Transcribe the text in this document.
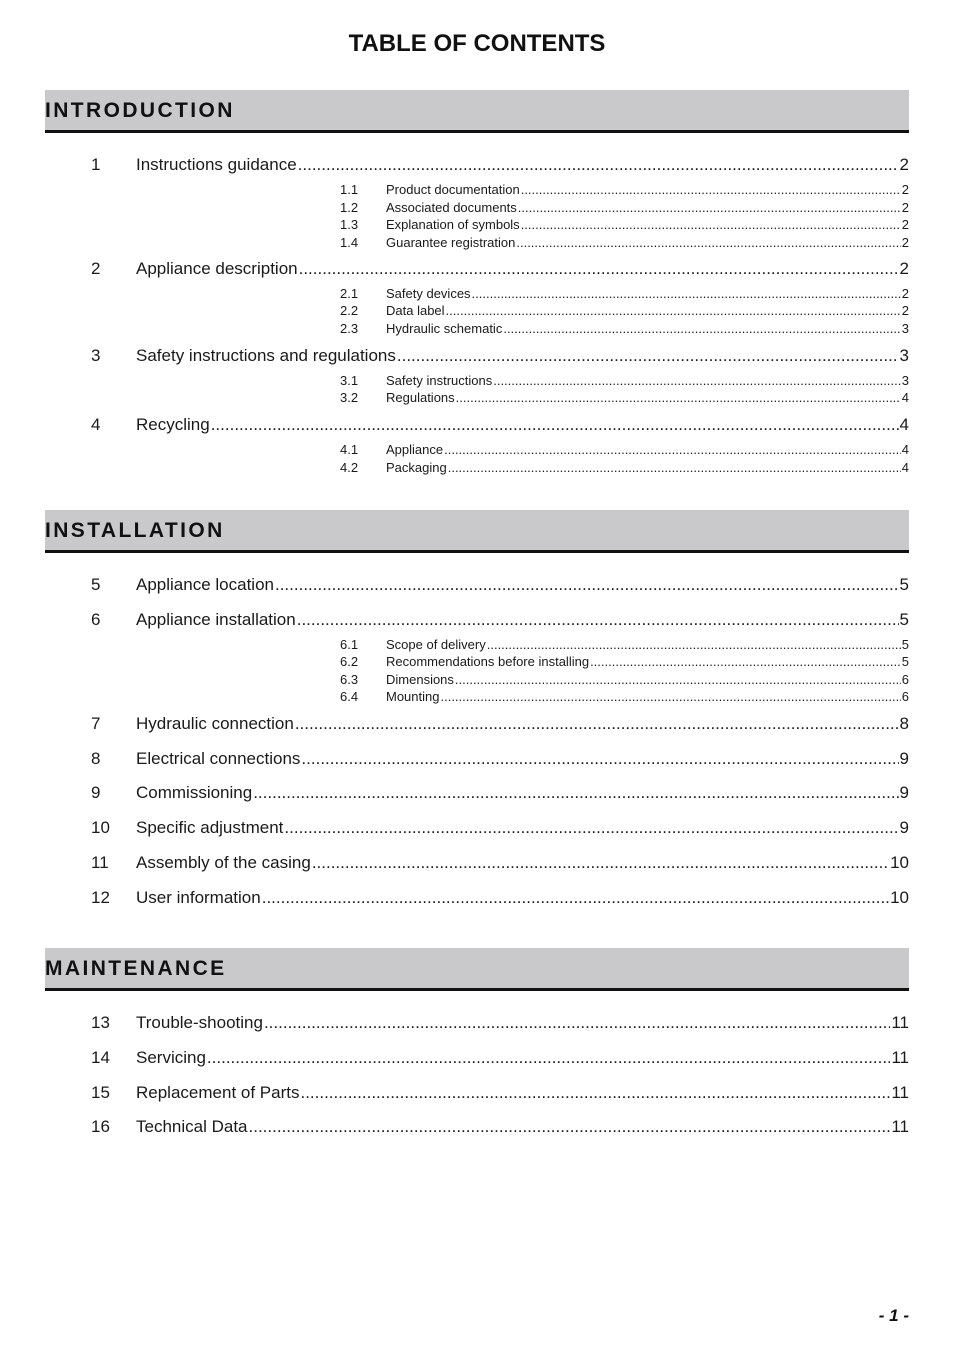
TABLE OF CONTENTS
INTRODUCTION
1 Instructions guidance .....	2
1.1 Product documentation .....	2
1.2 Associated documents .....	2
1.3 Explanation of symbols .....	2
1.4 Guarantee registration .....	2
2 Appliance description .....	2
2.1 Safety devices .....	2
2.2 Data label .....	2
2.3 Hydraulic schematic .....	3
3 Safety instructions and regulations .....	3
3.1 Safety instructions .....	3
3.2 Regulations .....	4
4 Recycling .....	4
4.1 Appliance .....	4
4.2 Packaging .....	4
INSTALLATION
5 Appliance location .....	5
6 Appliance installation .....	5
6.1 Scope of delivery .....	5
6.2 Recommendations before installing .....	5
6.3 Dimensions .....	6
6.4 Mounting .....	6
7 Hydraulic connection .....	8
8 Electrical connections .....	9
9 Commissioning .....	9
10 Specific adjustment .....	9
11 Assembly of the casing .....	10
12 User information .....	10
MAINTENANCE
13 Trouble-shooting .....	11
14 Servicing .....	11
15 Replacement of Parts .....	11
16 Technical Data .....	11
- 1 -
